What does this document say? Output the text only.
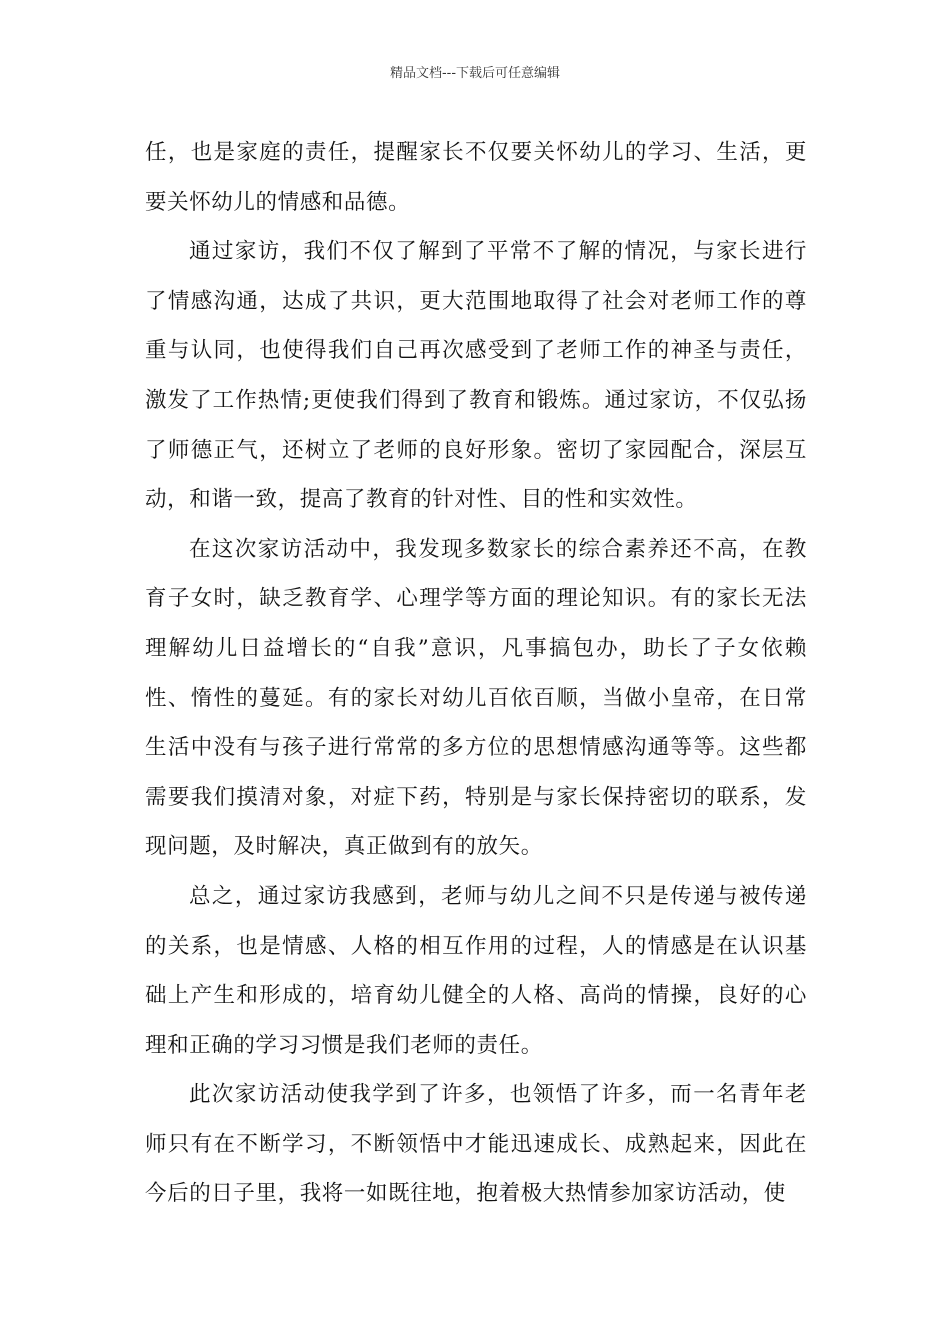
精品文档---下载后可任意编辑

任，也是家庭的责任，提醒家长不仅要关怀幼儿的学习、生活，更要关怀幼儿的情感和品德。

通过家访，我们不仅了解到了平常不了解的情况，与家长进行了情感沟通，达成了共识，更大范围地取得了社会对老师工作的尊重与认同，也使得我们自己再次感受到了老师工作的神圣与责任，激发了工作热情;更使我们得到了教育和锻炼。通过家访，不仅弘扬了师德正气，还树立了老师的良好形象。密切了家园配合，深层互动，和谐一致，提高了教育的针对性、目的性和实效性。

在这次家访活动中，我发现多数家长的综合素养还不高，在教育子女时，缺乏教育学、心理学等方面的理论知识。有的家长无法理解幼儿日益增长的“自我”意识，凡事搞包办，助长了子女依赖性、惰性的蔓延。有的家长对幼儿百依百顺，当做小皇帝，在日常生活中没有与孩子进行常常的多方位的思想情感沟通等等。这些都需要我们摸清对象，对症下药，特别是与家长保持密切的联系，发现问题，及时解决，真正做到有的放矢。

总之，通过家访我感到，老师与幼儿之间不只是传递与被传递的关系，也是情感、人格的相互作用的过程，人的情感是在认识基础上产生和形成的，培育幼儿健全的人格、高尚的情操，良好的心理和正确的学习习惯是我们老师的责任。

此次家访活动使我学到了许多，也领悟了许多，而一名青年老师只有在不断学习，不断领悟中才能迅速成长、成熟起来，因此在今后的日子里，我将一如既往地，抱着极大热情参加家访活动，使
